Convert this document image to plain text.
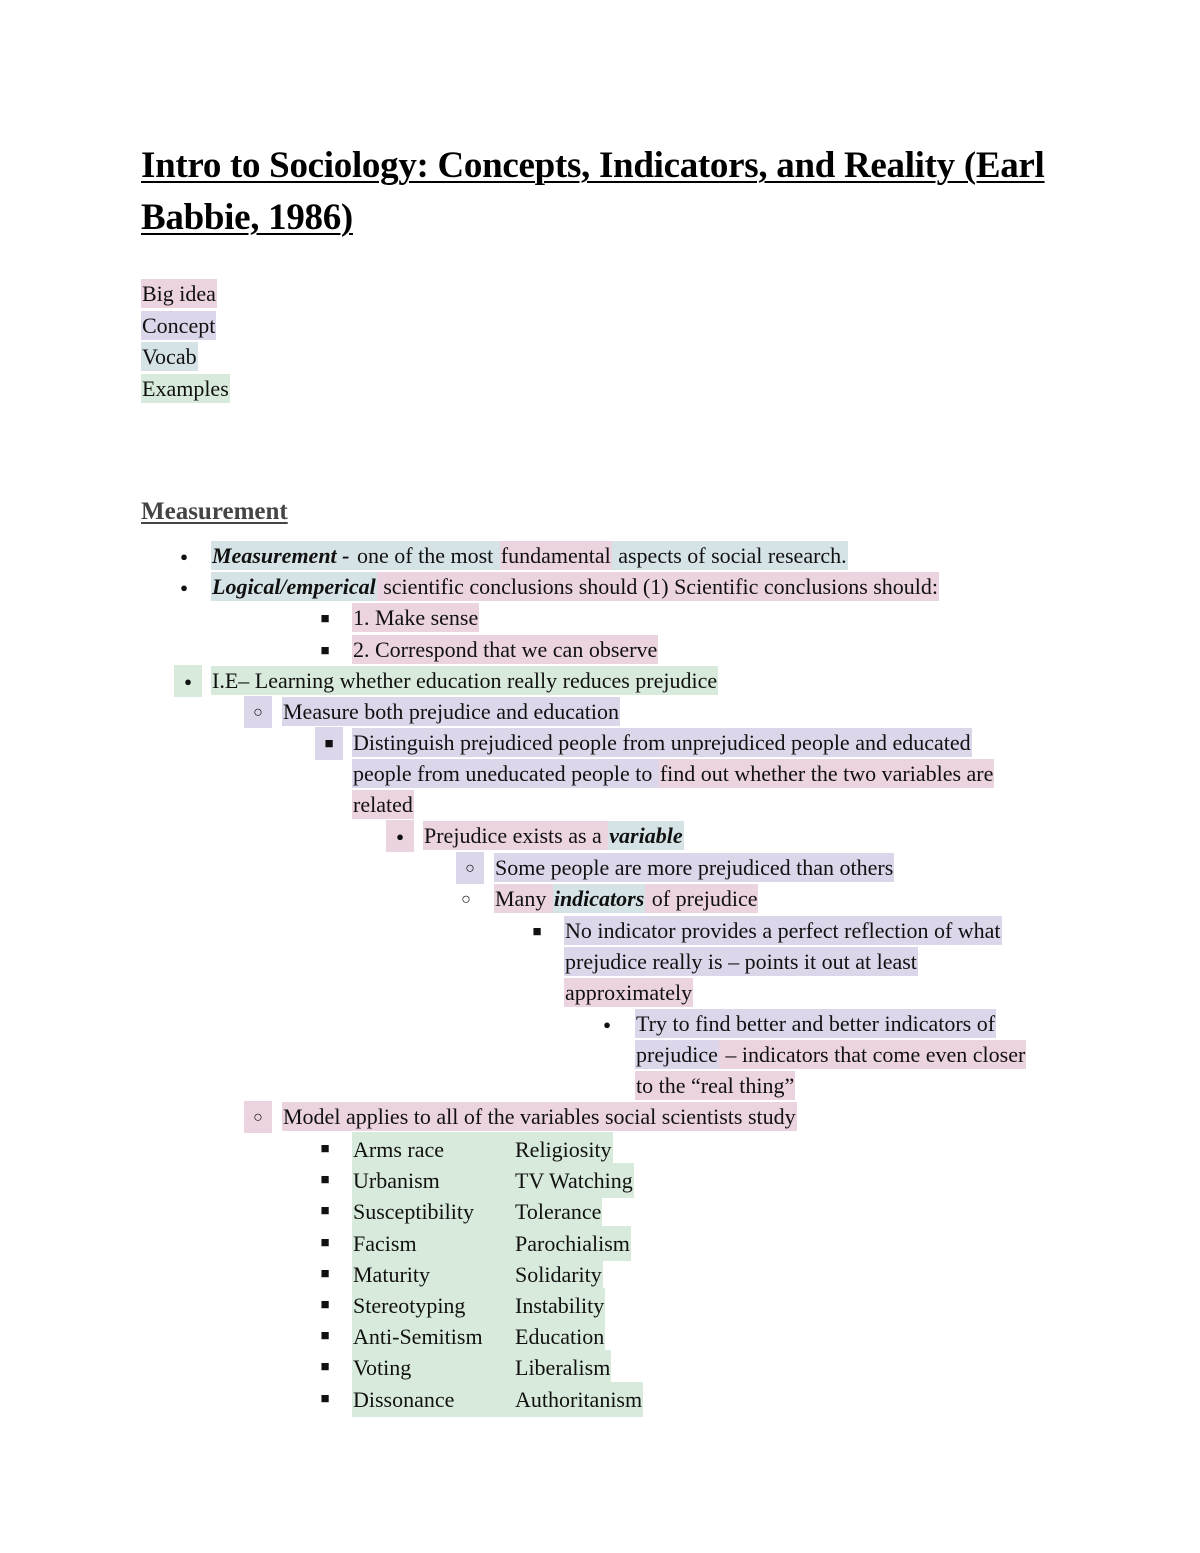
Intro to Sociology: Concepts, Indicators, and Reality (Earl Babbie, 1986)
Big idea
Concept
Vocab
Examples
Measurement
●
Measurement - one of the most fundamental aspects of social research.
●
Logical/emperical scientific conclusions should (1) Scientific conclusions should:
■
1. Make sense
■
2. Correspond that we can observe
●
I.E– Learning whether education really reduces prejudice
○
Measure both prejudice and education
■
Distinguish prejudiced people from unprejudiced people and educated
people from uneducated people to find out whether the two variables are
related
●
Prejudice exists as a variable
○
Some people are more prejudiced than others
○
Many indicators of prejudice
■
No indicator provides a perfect reflection of what
prejudice really is – points it out at least
approximately
●
Try to find better and better indicators of
prejudice – indicators that come even closer
to the “real thing”
○
Model applies to all of the variables social scientists study
■
Arms race	Religiosity
■
Urbanism	TV Watching
■
Susceptibility Tolerance
■
Facism	Parochialism
■
Maturity	Solidarity
■
Stereotyping Instability
■
Anti-Semitism Education
■
Voting	Liberalism
■
Dissonance	Authoritanism
